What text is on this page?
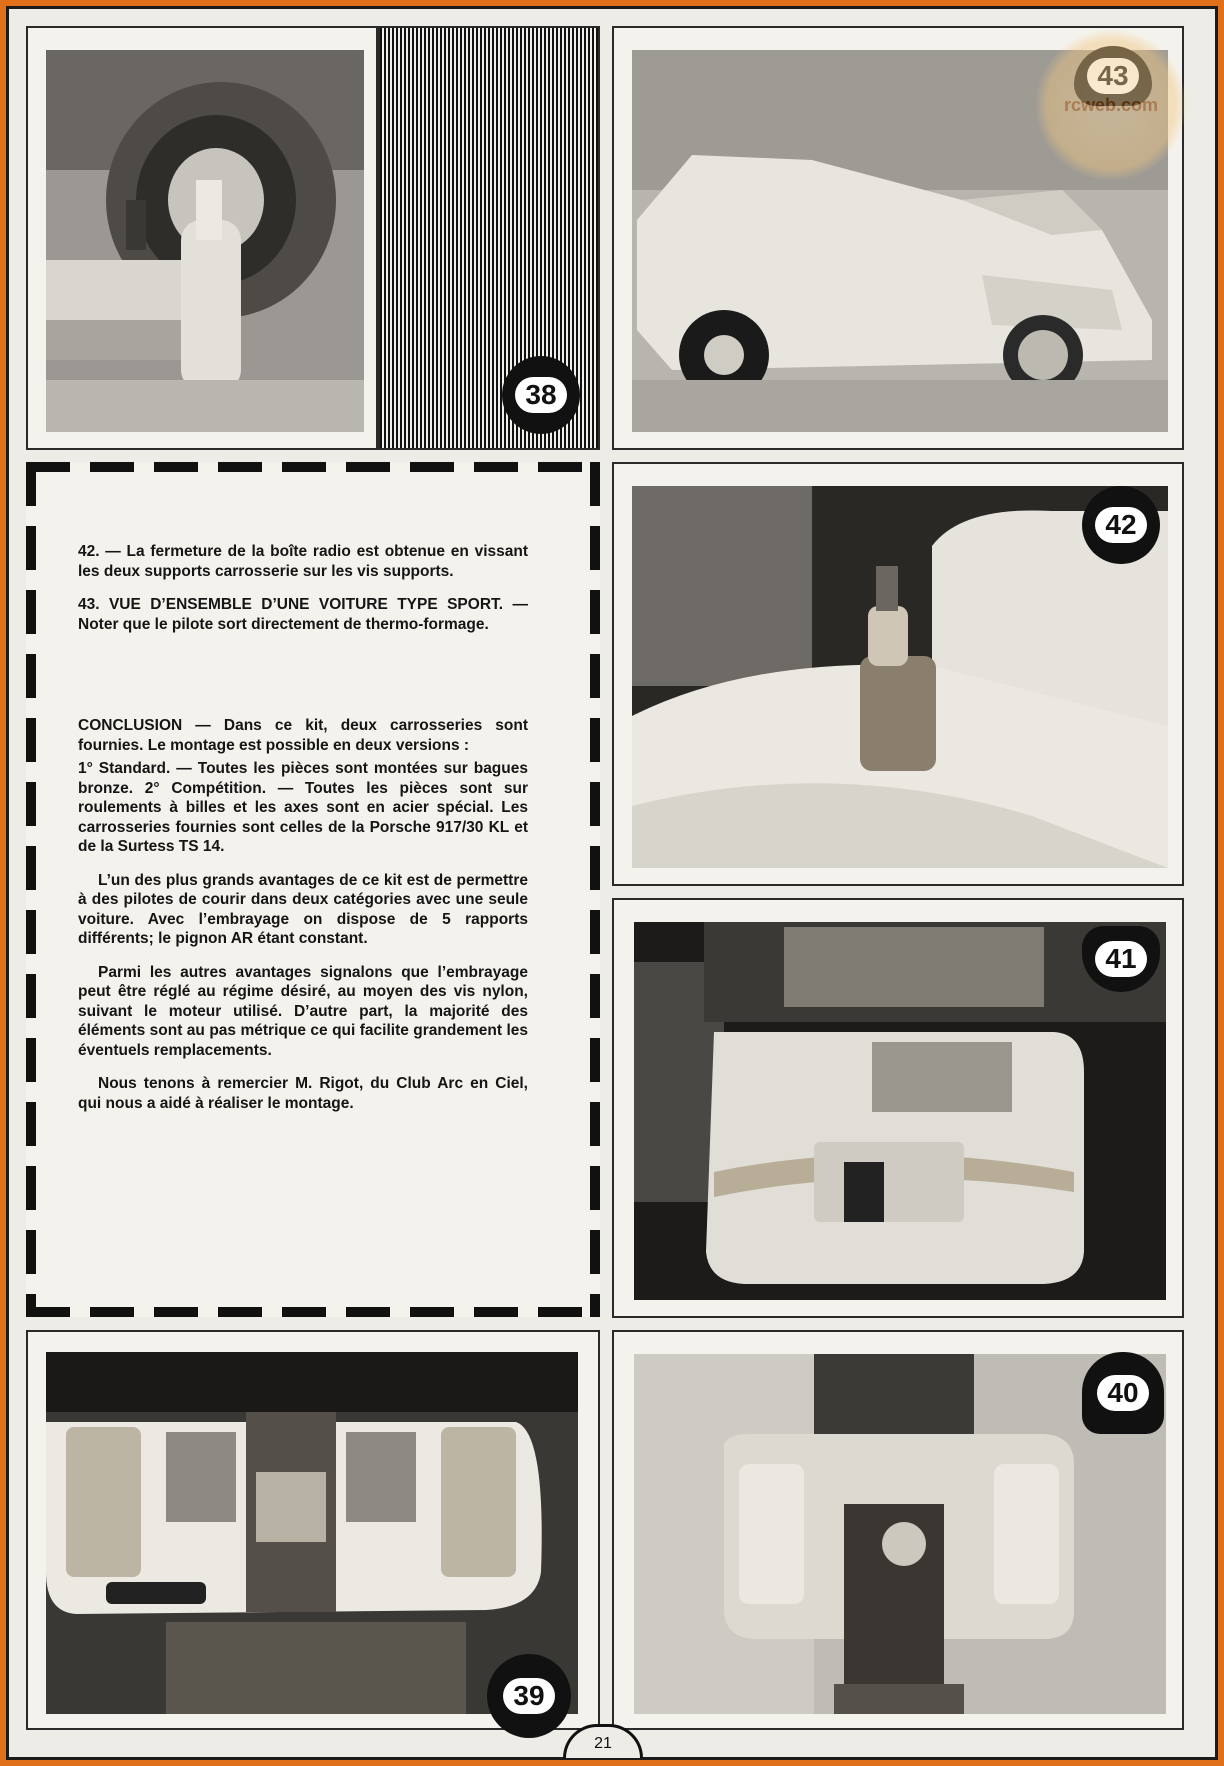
38
43
rcweb.com

42. — La fermeture de la boîte radio est obtenue en vissant les deux supports carrosserie sur les vis supports.

43. VUE D’ENSEMBLE D’UNE VOITURE TYPE SPORT. — Noter que le pilote sort directement de thermo-formage.

CONCLUSION — Dans ce kit, deux carrosseries sont fournies. Le montage est possible en deux versions :

1° Standard. — Toutes les pièces sont montées sur bagues bronze. 2° Compétition. — Toutes les pièces sont sur roulements à billes et les axes sont en acier spécial. Les carrosseries fournies sont celles de la Porsche 917/30 KL et de la Surtess TS 14.

L’un des plus grands avantages de ce kit est de permettre à des pilotes de courir dans deux catégories avec une seule voiture. Avec l’embrayage on dispose de 5 rapports différents; le pignon AR étant constant.

Parmi les autres avantages signalons que l’embrayage peut être réglé au régime désiré, au moyen des vis nylon, suivant le moteur utilisé. D’autre part, la majorité des éléments sont au pas métrique ce qui facilite grandement les éventuels remplacements.

Nous tenons à remercier M. Rigot, du Club Arc en Ciel, qui nous a aidé à réaliser le montage.

42
41
39
40
21
